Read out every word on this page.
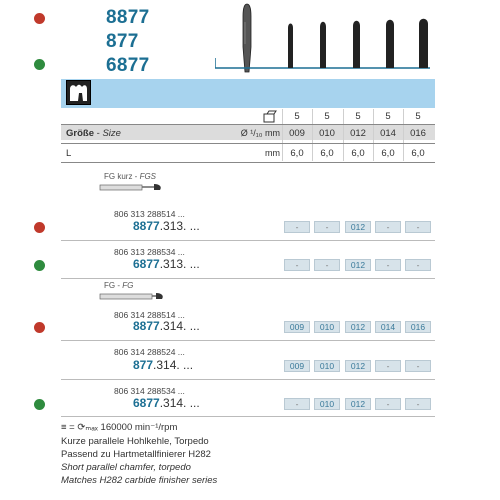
8877
877
6877
5	5	5	5	5
Größe - Size	Ø ¹/₁₀ mm 009	010	012	014	016
L	mm	6,0	6,0	6,0	6,0	6,0
FG kurz - FGS
806 313 288514 ...
8877.313. ...	-	-	012	-	-
806 313 288534 ...
6877.313. ...	-	-	012	-	-
FG - FG
806 314 288514 ...
8877.314. ...	009	010	012	014	016
806 314 288524 ...
877.314. ...	009	010	012	-	-
806 314 288534 ...
6877.314. ...	-	010	012	-	-
≡ = ⟳ₘₐₓ 160000 min⁻¹/rpm
Kurze parallele Hohlkehle, Torpedo
Passend zu Hartmetallfinierer H282
Short parallel chamfer, torpedo
Matches H282 carbide finisher series
